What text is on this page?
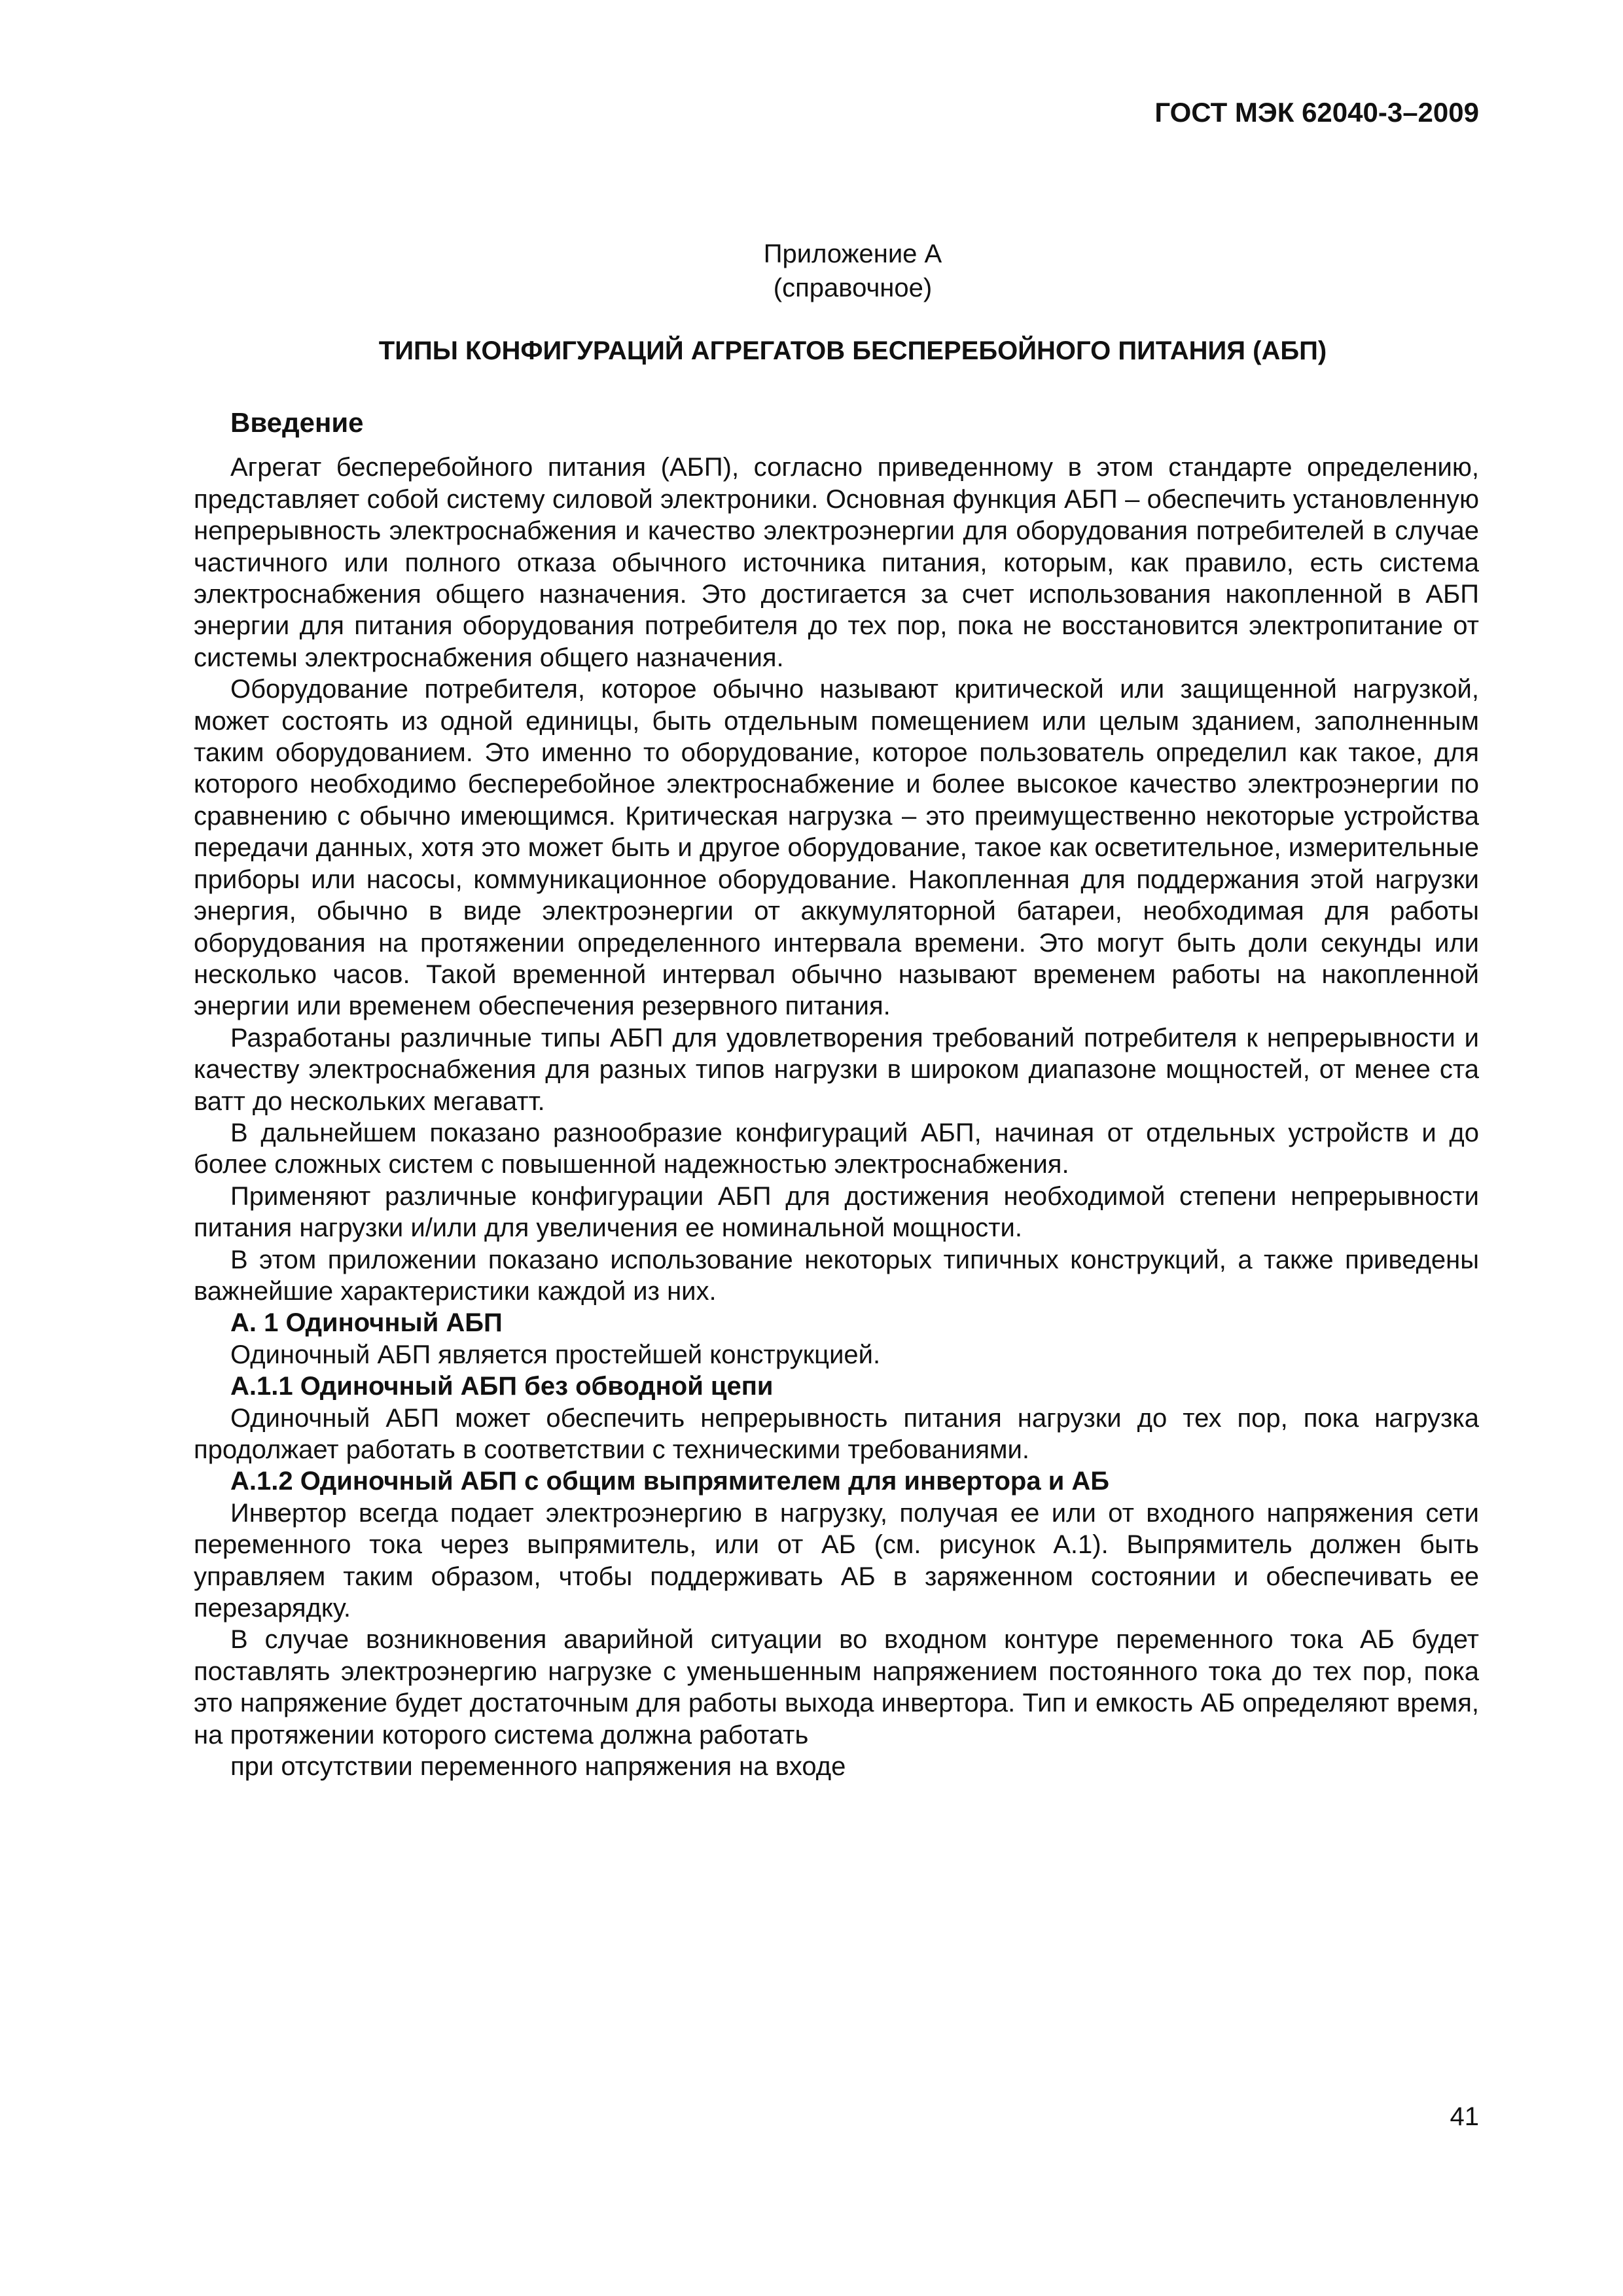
ГОСТ МЭК 62040-3–2009
Приложение А
(справочное)
ТИПЫ КОНФИГУРАЦИЙ АГРЕГАТОВ БЕСПЕРЕБОЙНОГО ПИТАНИЯ (АБП)

Введение

Агрегат бесперебойного питания (АБП), согласно приведенному в этом стандарте определению, представляет собой систему силовой электроники. Основная функция АБП – обеспечить установленную непрерывность электроснабжения и качество электроэнергии для оборудования потребителей в случае частичного или полного отказа обычного источника питания, которым, как правило, есть система электроснабжения общего назначения. Это достигается за счет использования накопленной в АБП энергии для питания оборудования потребителя до тех пор, пока не восстановится электропитание от системы электроснабжения общего назначения.

Оборудование потребителя, которое обычно называют критической или защищенной нагрузкой, может состоять из одной единицы, быть отдельным помещением или целым зданием, заполненным таким оборудованием. Это именно то оборудование, которое пользователь определил как такое, для которого необходимо бесперебойное электроснабжение и более высокое качество электроэнергии по сравнению с обычно имеющимся. Критическая нагрузка – это преимущественно некоторые устройства передачи данных, хотя это может быть и другое оборудование, такое как осветительное, измерительные приборы или насосы, коммуникационное оборудование. Накопленная для поддержания этой нагрузки энергия, обычно в виде электроэнергии от аккумуляторной батареи, необходимая для работы оборудования на протяжении определенного интервала времени. Это могут быть доли секунды или несколько часов. Такой временной интервал обычно называют временем работы на накопленной энергии или временем обеспечения резервного питания.

Разработаны различные типы АБП для удовлетворения требований потребителя к непрерывности и качеству электроснабжения для разных типов нагрузки в широком диапазоне мощностей, от менее ста ватт до нескольких мегаватт.

В дальнейшем показано разнообразие конфигураций АБП, начиная от отдельных устройств и до более сложных систем с повышенной надежностью электроснабжения.

Применяют различные конфигурации АБП для достижения необходимой степени непрерывности питания нагрузки и/или для увеличения ее номинальной мощности.

В этом приложении показано использование некоторых типичных конструкций, а также приведены важнейшие характеристики каждой из них.

А. 1 Одиночный АБП

Одиночный АБП является простейшей конструкцией.

А.1.1 Одиночный АБП без обводной цепи

Одиночный АБП может обеспечить непрерывность питания нагрузки до тех пор, пока нагрузка продолжает работать в соответствии с техническими требованиями.

А.1.2 Одиночный АБП с общим выпрямителем для инвертора и АБ

Инвертор всегда подает электроэнергию в нагрузку, получая ее или от входного напряжения сети переменного тока через выпрямитель, или от АБ (см. рисунок А.1). Выпрямитель должен быть управляем таким образом, чтобы поддерживать АБ в заряженном состоянии и обеспечивать ее перезарядку.

В случае возникновения аварийной ситуации во входном контуре переменного тока АБ будет поставлять электроэнергию нагрузке с уменьшенным напряжением постоянного тока до тех пор, пока это напряжение будет достаточным для работы выхода инвертора. Тип и емкость АБ определяют время, на протяжении которого система должна работать

при отсутствии переменного напряжения на входе

41
